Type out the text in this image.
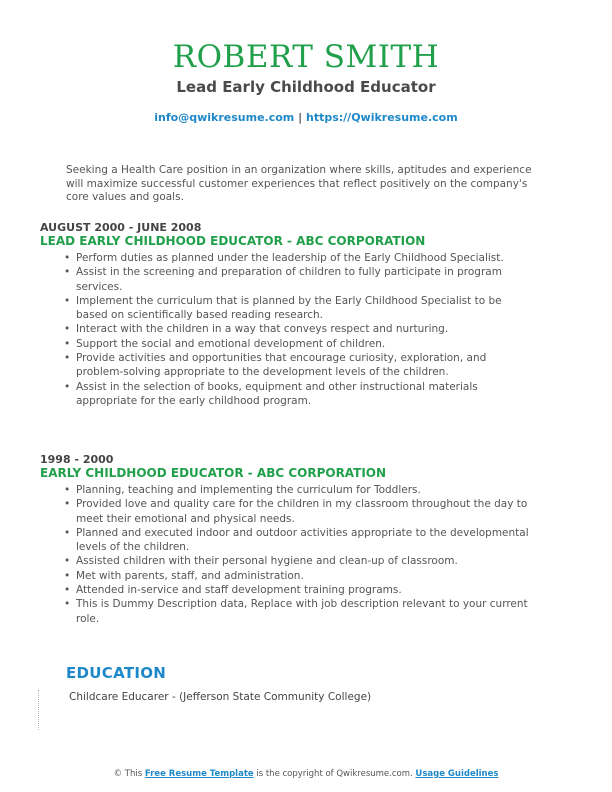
ROBERT SMITH
Lead Early Childhood Educator
info@qwikresume.com | https://Qwikresume.com
Seeking a Health Care position in an organization where skills, aptitudes and experience will maximize successful customer experiences that reflect positively on the company's core values and goals.
AUGUST 2000 - JUNE 2008
LEAD EARLY CHILDHOOD EDUCATOR - ABC CORPORATION
• Perform duties as planned under the leadership of the Early Childhood Specialist.
• Assist in the screening and preparation of children to fully participate in program services.
• Implement the curriculum that is planned by the Early Childhood Specialist to be based on scientifically based reading research.
• Interact with the children in a way that conveys respect and nurturing.
• Support the social and emotional development of children.
• Provide activities and opportunities that encourage curiosity, exploration, and problem-solving appropriate to the development levels of the children.
• Assist in the selection of books, equipment and other instructional materials appropriate for the early childhood program.
1998 - 2000
EARLY CHILDHOOD EDUCATOR - ABC CORPORATION
• Planning, teaching and implementing the curriculum for Toddlers.
• Provided love and quality care for the children in my classroom throughout the day to meet their emotional and physical needs.
• Planned and executed indoor and outdoor activities appropriate to the developmental levels of the children.
• Assisted children with their personal hygiene and clean-up of classroom.
• Met with parents, staff, and administration.
• Attended in-service and staff development training programs.
• This is Dummy Description data, Replace with job description relevant to your current role.
EDUCATION
Childcare Educarer - (Jefferson State Community College)
© This Free Resume Template is the copyright of Qwikresume.com. Usage Guidelines
